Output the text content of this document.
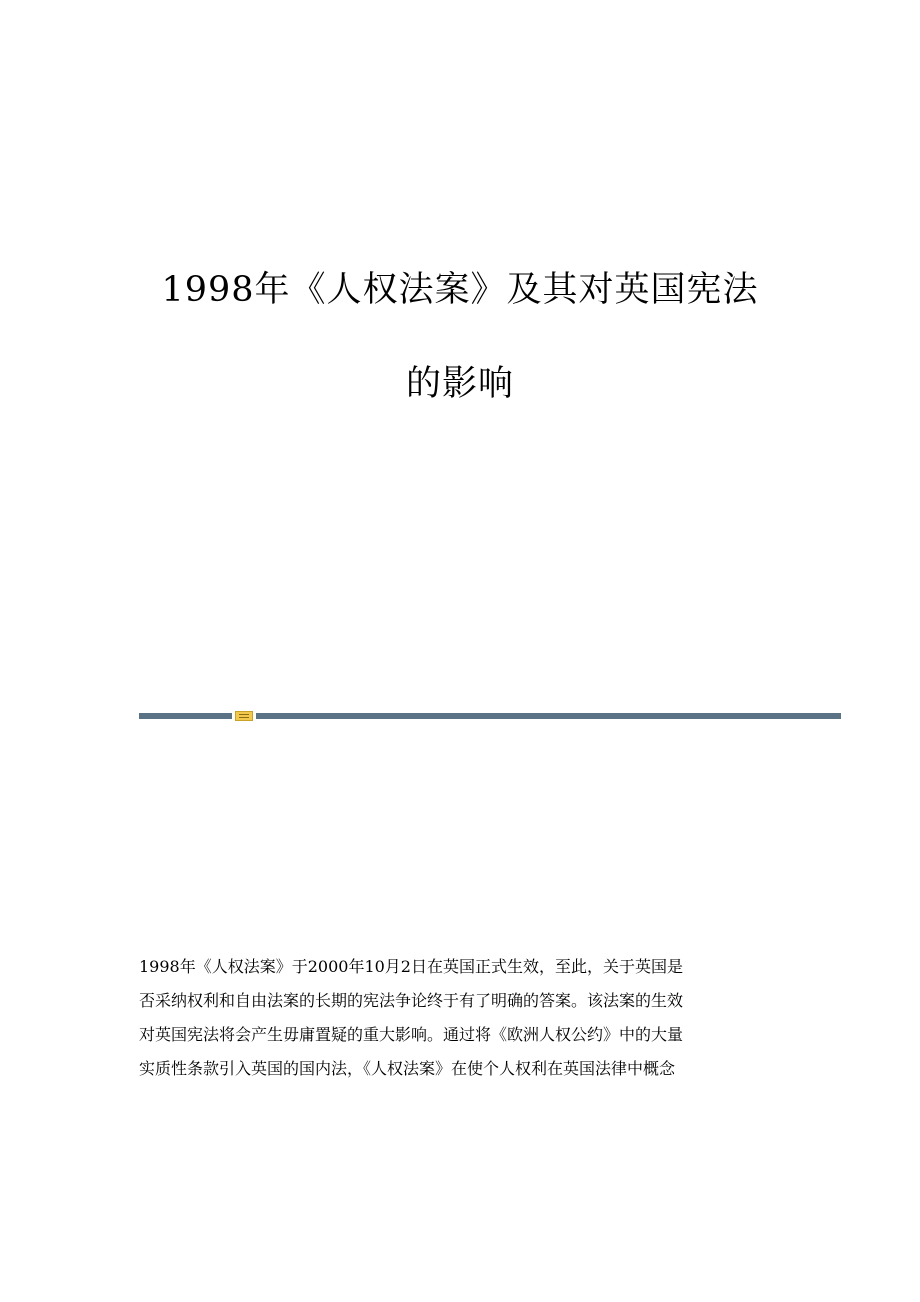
1998年《人权法案》及其对英国宪法
的影响

1998年《人权法案》于2000年10月2日在英国正式生效，至此，关于英国是
否采纳权利和自由法案的长期的宪法争论终于有了明确的答案。该法案的生效
对英国宪法将会产生毋庸置疑的重大影响。通过将《欧洲人权公约》中的大量
实质性条款引入英国的国内法，《人权法案》在使个人权利在英国法律中概念
